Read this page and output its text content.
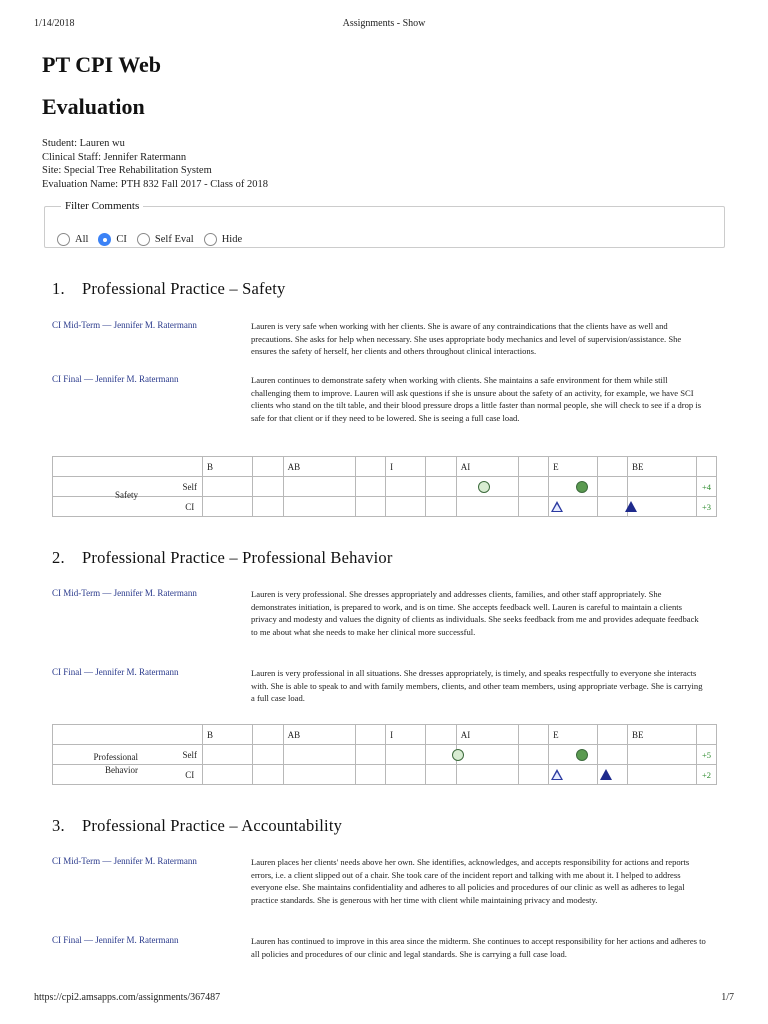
1/14/2018	Assignments - Show
PT CPI Web
Evaluation
Student: Lauren wu
Clinical Staff: Jennifer Ratermann
Site: Special Tree Rehabilitation System
Evaluation Name: PTH 832 Fall 2017 - Class of 2018
Filter Comments
All	CI	Self Eval	Hide
1. Professional Practice – Safety
CI Mid-Term — Jennifer M. Ratermann	Lauren is very safe when working with her clients. She is aware of any contraindications that the clients have as well and precautions. She asks for help when necessary. She uses appropriate body mechanics and level of supervision/assistance. She ensures the safety of herself, her clients and others throughout clinical interactions.
CI Final — Jennifer M. Ratermann	Lauren continues to demonstrate safety when working with clients. She maintains a safe environment for them while still challenging them to improve. Lauren will ask questions if she is unsure about the safety of an activity, for example, we have SCI clients who stand on the tilt table, and their blood pressure drops a little faster than normal people, she will check to see if a drop is safe for that client or if they need to be lowered. She is seeing a full case load.
		B		AB		I		AI		E		BE	
	Self												+4
	CI												+3
Safety
2. Professional Practice – Professional Behavior
CI Mid-Term — Jennifer M. Ratermann	Lauren is very professional. She dresses appropriately and addresses clients, families, and other staff appropriately. She demonstrates initiation, is prepared to work, and is on time. She accepts feedback well. Lauren is careful to maintain a clients privacy and modesty and values the dignity of clients as individuals. She seeks feedback from me and provides adequate feedback to me about what she needs to make her clinical more successful.
CI Final — Jennifer M. Ratermann	Lauren is very professional in all situations. She dresses appropriately, is timely, and speaks respectfully to everyone she interacts with. She is able to speak to and with family members, clients, and other team members, using appropriate verbage. She is carrying a full case load.
		B		AB		I		AI		E		BE	
	Self												+5
	CI												+2
Professional Behavior
3. Professional Practice – Accountability
CI Mid-Term — Jennifer M. Ratermann	Lauren places her clients' needs above her own. She identifies, acknowledges, and accepts responsibility for actions and reports errors, i.e. a client slipped out of a chair. She took care of the incident report and talking with me about it. I helped to address everyone else. She maintains confidentiality and adheres to all policies and procedures of our clinic as well as adheres to legal practice standards. She is generous with her time with client while maintaining privacy and modesty.
CI Final — Jennifer M. Ratermann	Lauren has continued to improve in this area since the midterm. She continues to accept responsibility for her actions and adheres to all policies and procedures of our clinic and legal standards. She is carrying a full case load.
https://cpi2.amsapps.com/assignments/367487	1/7
